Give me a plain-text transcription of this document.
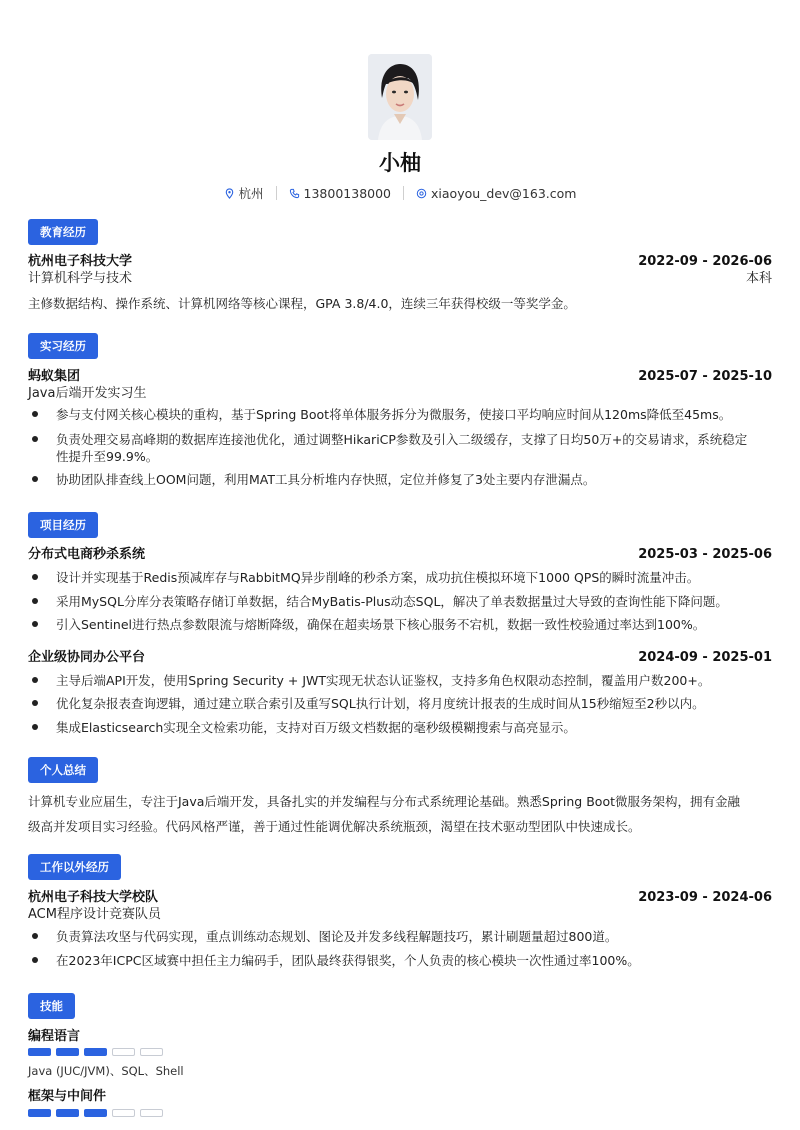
小柚
杭州	13800138000	xiaoyou_dev@163.com
教育经历
杭州电子科技大学	2022-09 - 2026-06
计算机科学与技术	本科
主修数据结构、操作系统、计算机网络等核心课程，GPA 3.8/4.0，连续三年获得校级一等奖学金。
实习经历
蚂蚁集团	2025-07 - 2025-10
Java后端开发实习生
参与支付网关核心模块的重构，基于Spring Boot将单体服务拆分为微服务，使接口平均响应时间从120ms降低至45ms。
负责处理交易高峰期的数据库连接池优化，通过调整HikariCP参数及引入二级缓存，支撑了日均50万+的交易请求，系统稳定
性提升至99.9%。
协助团队排查线上OOM问题，利用MAT工具分析堆内存快照，定位并修复了3处主要内存泄漏点。
项目经历
分布式电商秒杀系统	2025-03 - 2025-06
设计并实现基于Redis预减库存与RabbitMQ异步削峰的秒杀方案，成功抗住模拟环境下1000 QPS的瞬时流量冲击。
采用MySQL分库分表策略存储订单数据，结合MyBatis-Plus动态SQL，解决了单表数据量过大导致的查询性能下降问题。
引入Sentinel进行热点参数限流与熔断降级，确保在超卖场景下核心服务不宕机，数据一致性校验通过率达到100%。
企业级协同办公平台	2024-09 - 2025-01
主导后端API开发，使用Spring Security + JWT实现无状态认证鉴权，支持多角色权限动态控制，覆盖用户数200+。
优化复杂报表查询逻辑，通过建立联合索引及重写SQL执行计划，将月度统计报表的生成时间从15秒缩短至2秒以内。
集成Elasticsearch实现全文检索功能，支持对百万级文档数据的毫秒级模糊搜索与高亮显示。
个人总结
计算机专业应届生，专注于Java后端开发，具备扎实的并发编程与分布式系统理论基础。熟悉Spring Boot微服务架构，拥有金融
级高并发项目实习经验。代码风格严谨，善于通过性能调优解决系统瓶颈，渴望在技术驱动型团队中快速成长。
工作以外经历
杭州电子科技大学校队	2023-09 - 2024-06
ACM程序设计竞赛队员
负责算法攻坚与代码实现，重点训练动态规划、图论及并发多线程解题技巧，累计刷题量超过800道。
在2023年ICPC区域赛中担任主力编码手，团队最终获得银奖，个人负责的核心模块一次性通过率100%。
技能
编程语言
Java (JUC/JVM)、SQL、Shell
框架与中间件
